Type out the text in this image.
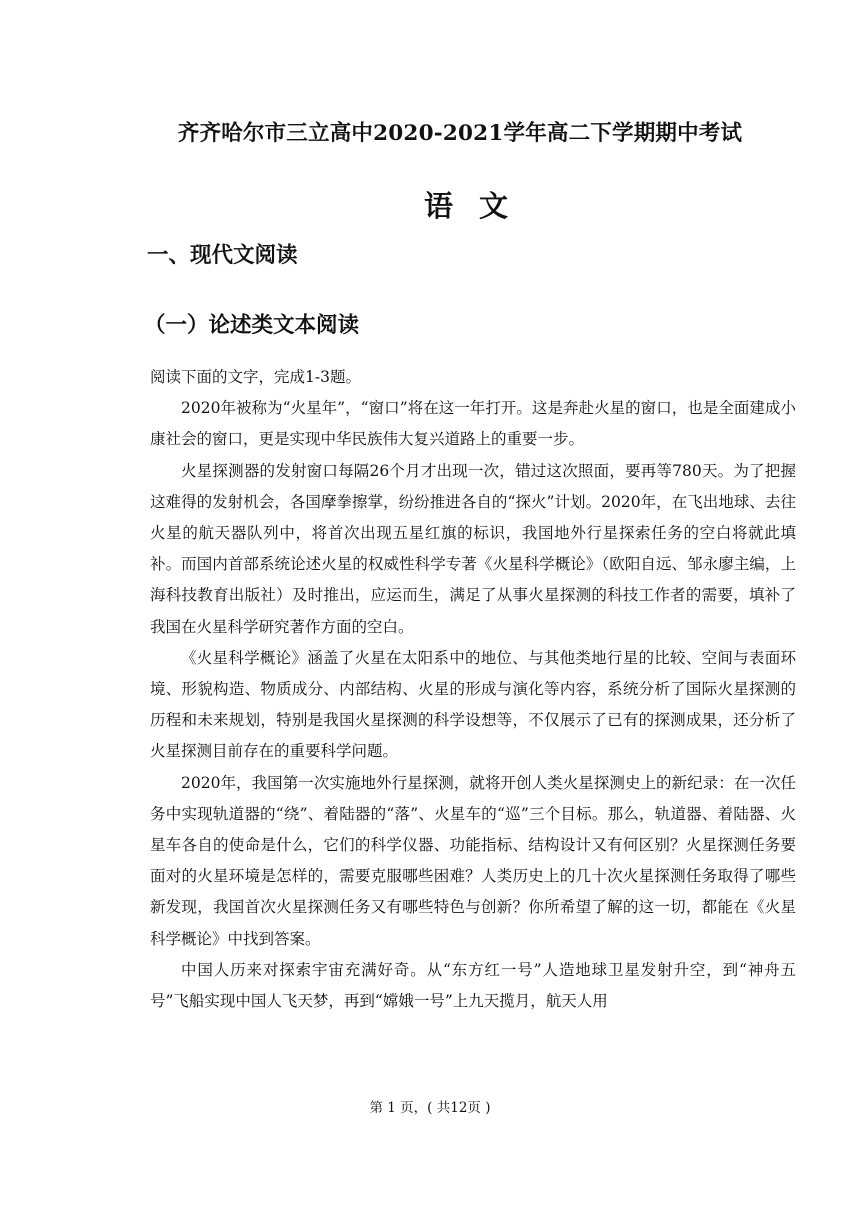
齐齐哈尔市三立高中2020-2021学年高二下学期期中考试
语 文
一、现代文阅读
（一）论述类文本阅读

阅读下面的文字，完成1-3题。

2020年被称为“火星年”，“窗口”将在这一年打开。这是奔赴火星的窗口，也是全面建成小康社会的窗口，更是实现中华民族伟大复兴道路上的重要一步。

火星探测器的发射窗口每隔26个月才出现一次，错过这次照面，要再等780天。为了把握这难得的发射机会，各国摩拳擦掌，纷纷推进各自的“探火”计划。2020年，在飞出地球、去往火星的航天器队列中，将首次出现五星红旗的标识，我国地外行星探索任务的空白将就此填补。而国内首部系统论述火星的权威性科学专著《火星科学概论》（欧阳自远、邹永廖主编，上海科技教育出版社）及时推出，应运而生，满足了从事火星探测的科技工作者的需要，填补了我国在火星科学研究著作方面的空白。

《火星科学概论》涵盖了火星在太阳系中的地位、与其他类地行星的比较、空间与表面环境、形貌构造、物质成分、内部结构、火星的形成与演化等内容，系统分析了国际火星探测的历程和未来规划，特别是我国火星探测的科学设想等，不仅展示了已有的探测成果，还分析了火星探测目前存在的重要科学问题。

2020年，我国第一次实施地外行星探测，就将开创人类火星探测史上的新纪录：在一次任务中实现轨道器的“绕”、着陆器的“落”、火星车的“巡”三个目标。那么，轨道器、着陆器、火星车各自的使命是什么，它们的科学仪器、功能指标、结构设计又有何区别？火星探测任务要面对的火星环境是怎样的，需要克服哪些困难？人类历史上的几十次火星探测任务取得了哪些新发现，我国首次火星探测任务又有哪些特色与创新？你所希望了解的这一切，都能在《火星科学概论》中找到答案。

中国人历来对探索宇宙充满好奇。从“东方红一号”人造地球卫星发射升空，到“神舟五号”飞船实现中国人飞天梦，再到“嫦娥一号”上九天揽月，航天人用

第 1 页，( 共12页 )
